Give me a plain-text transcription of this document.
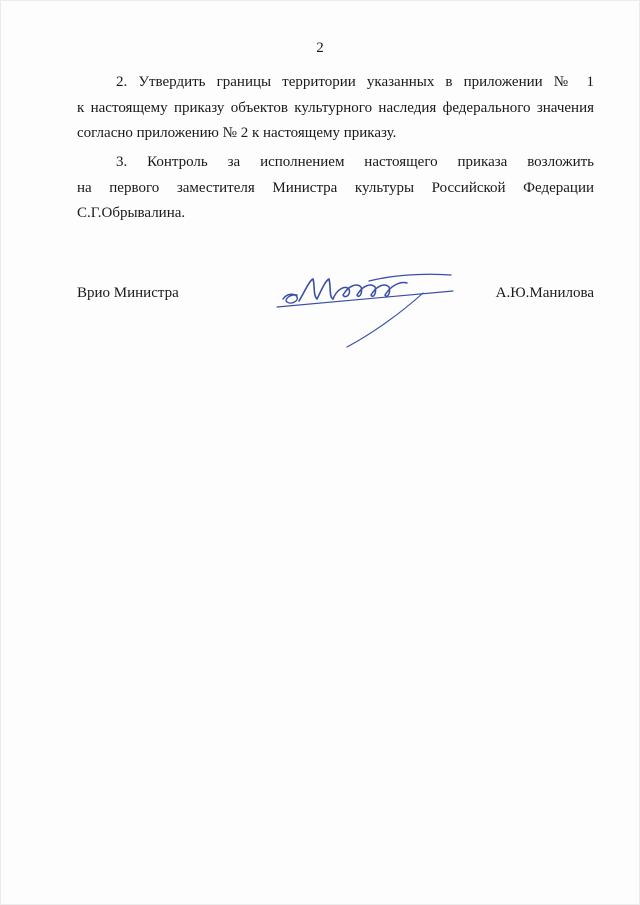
2

2. Утвердить границы территории указанных в приложении № 1
к настоящему приказу объектов культурного наследия федерального значения
согласно приложению № 2 к настоящему приказу.

3. Контроль за исполнением настоящего приказа возложить
на первого заместителя Министра культуры Российской Федерации
С.Г.Обрывалина.

Врио Министра	А.Ю.Манилова
